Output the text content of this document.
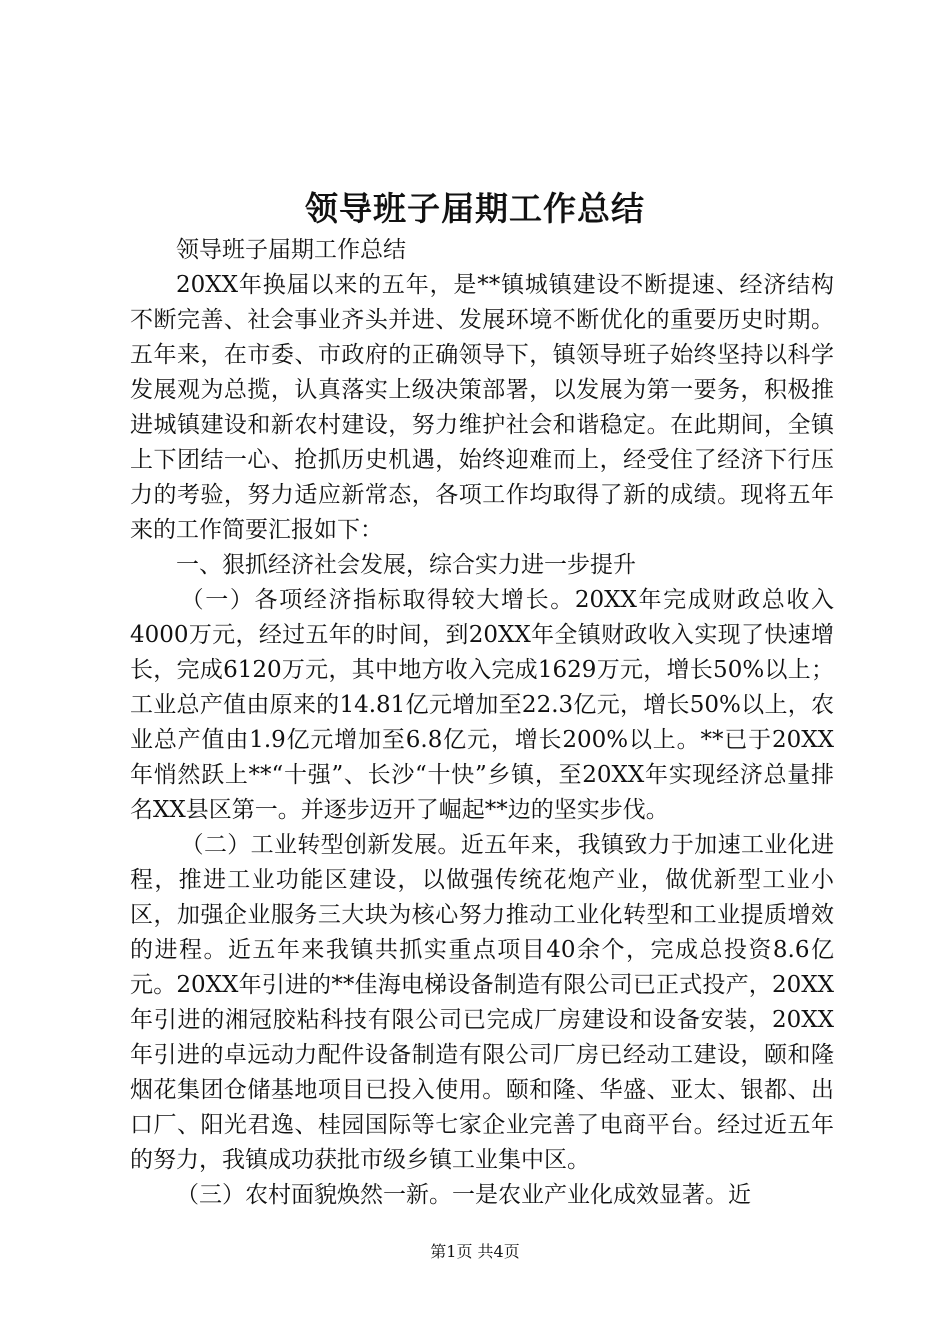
领导班子届期工作总结

领导班子届期工作总结

20XX年换届以来的五年，是**镇城镇建设不断提速、经济结构不断完善、社会事业齐头并进、发展环境不断优化的重要历史时期。五年来，在市委、市政府的正确领导下，镇领导班子始终坚持以科学发展观为总揽，认真落实上级决策部署，以发展为第一要务，积极推进城镇建设和新农村建设，努力维护社会和谐稳定。在此期间，全镇上下团结一心、抢抓历史机遇，始终迎难而上，经受住了经济下行压力的考验，努力适应新常态，各项工作均取得了新的成绩。现将五年来的工作简要汇报如下：

一、狠抓经济社会发展，综合实力进一步提升

（一）各项经济指标取得较大增长。20XX年完成财政总收入4000万元，经过五年的时间，到20XX年全镇财政收入实现了快速增长，完成6120万元，其中地方收入完成1629万元，增长50%以上；工业总产值由原来的14.81亿元增加至22.3亿元，增长50%以上，农业总产值由1.9亿元增加至6.8亿元，增长200%以上。**已于20XX年悄然跃上**“十强”、长沙“十快”乡镇，至20XX年实现经济总量排名XX县区第一。并逐步迈开了崛起**边的坚实步伐。

（二）工业转型创新发展。近五年来，我镇致力于加速工业化进程，推进工业功能区建设，以做强传统花炮产业，做优新型工业小区，加强企业服务三大块为核心努力推动工业化转型和工业提质增效的进程。近五年来我镇共抓实重点项目40余个，完成总投资8.6亿元。20XX年引进的**佳海电梯设备制造有限公司已正式投产，20XX年引进的湘冠胶粘科技有限公司已完成厂房建设和设备安装，20XX年引进的卓远动力配件设备制造有限公司厂房已经动工建设，颐和隆烟花集团仓储基地项目已投入使用。颐和隆、华盛、亚太、银都、出口厂、阳光君逸、桂园国际等七家企业完善了电商平台。经过近五年的努力，我镇成功获批市级乡镇工业集中区。

（三）农村面貌焕然一新。一是农业产业化成效显著。近

第1页 共4页
